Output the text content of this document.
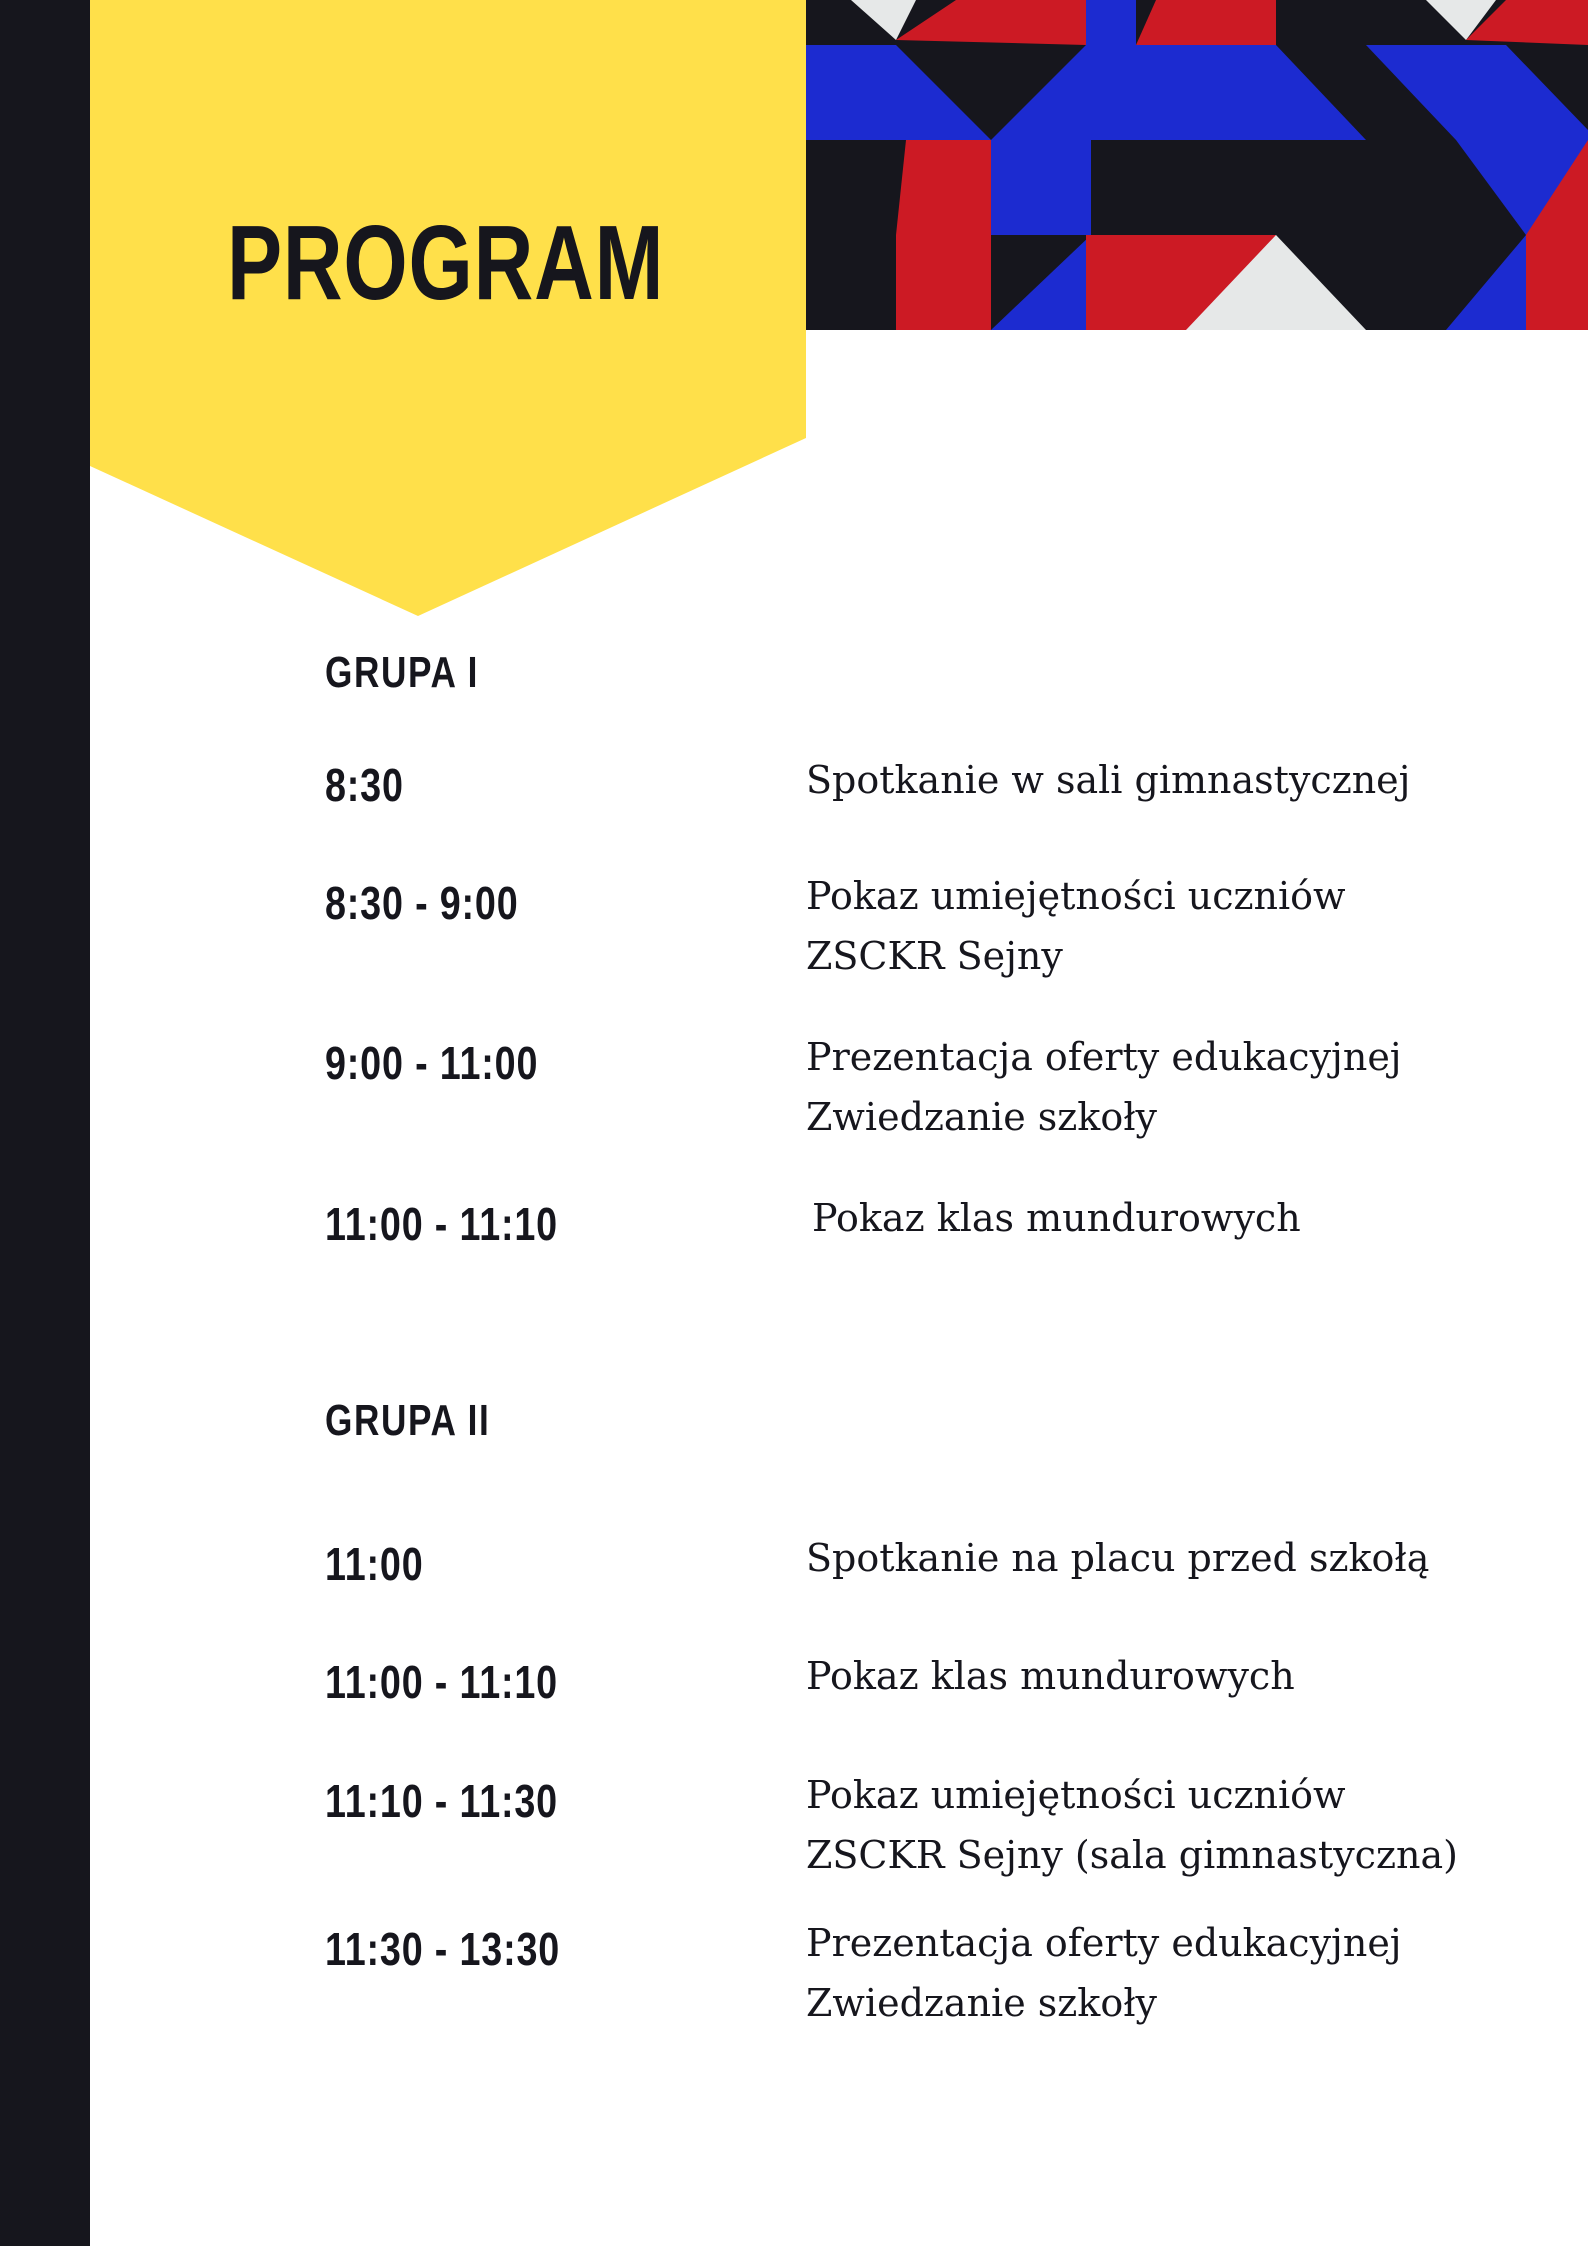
PROGRAM
GRUPA I
8:30	Spotkanie w sali gimnastycznej
8:30 - 9:00	Pokaz umiejętności uczniów
ZSCKR Sejny
9:00 - 11:00	Prezentacja oferty edukacyjnej
Zwiedzanie szkoły
11:00 - 11:10	Pokaz klas mundurowych
GRUPA II
11:00	Spotkanie na placu przed szkołą
11:00 - 11:10	Pokaz klas mundurowych
11:10 - 11:30	Pokaz umiejętności uczniów
ZSCKR Sejny (sala gimnastyczna)
11:30 - 13:30	Prezentacja oferty edukacyjnej
Zwiedzanie szkoły
